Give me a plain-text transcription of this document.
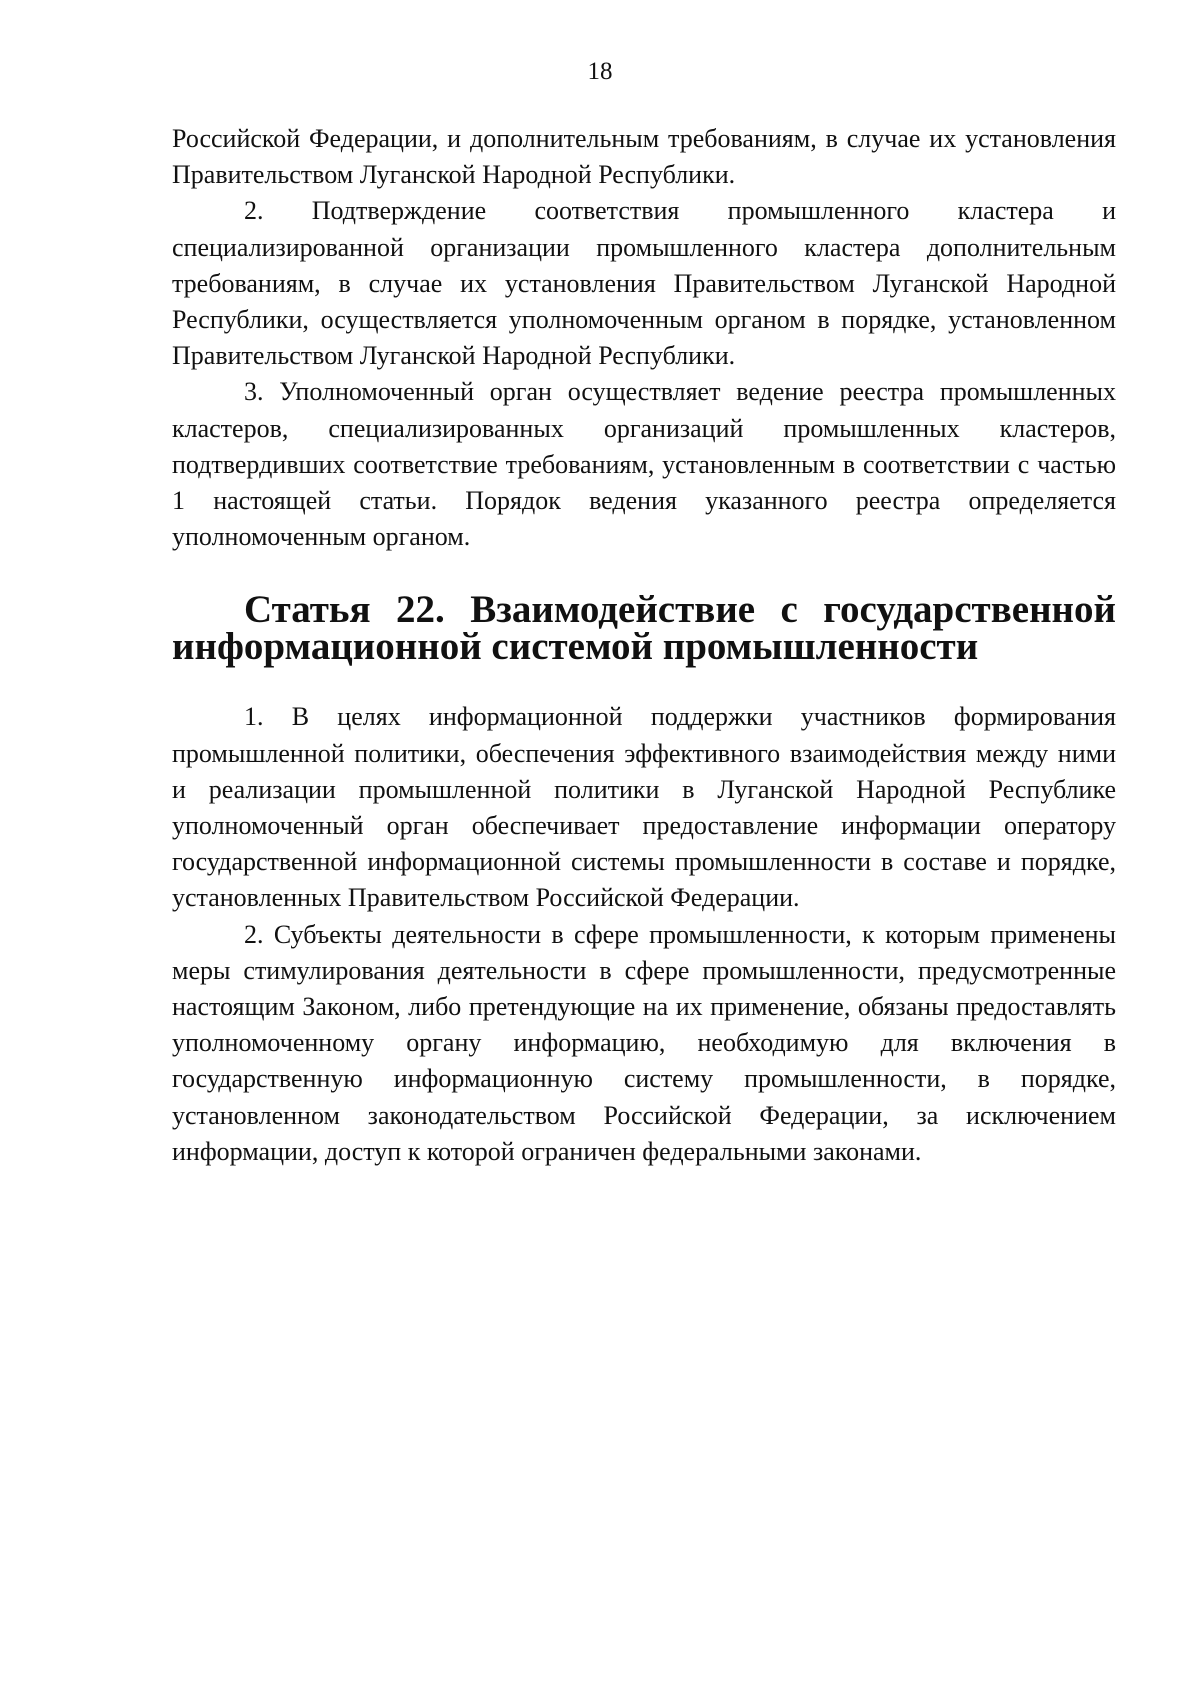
18

Российской Федерации, и дополнительным требованиям, в случае их установления Правительством Луганской Народной Республики.

2. Подтверждение соответствия промышленного кластера и специализированной организации промышленного кластера дополнительным требованиям, в случае их установления Правительством Луганской Народной Республики, осуществляется уполномоченным органом в порядке, установленном Правительством Луганской Народной Республики.

3. Уполномоченный орган осуществляет ведение реестра промышленных кластеров, специализированных организаций промышленных кластеров, подтвердивших соответствие требованиям, установленным в соответствии с частью 1 настоящей статьи. Порядок ведения указанного реестра определяется уполномоченным органом.

Статья 22. Взаимодействие с государственной информационной системой промышленности

1. В целях информационной поддержки участников формирования промышленной политики, обеспечения эффективного взаимодействия между ними и реализации промышленной политики в Луганской Народной Республике уполномоченный орган обеспечивает предоставление информации оператору государственной информационной системы промышленности в составе и порядке, установленных Правительством Российской Федерации.

2. Субъекты деятельности в сфере промышленности, к которым применены меры стимулирования деятельности в сфере промышленности, предусмотренные настоящим Законом, либо претендующие на их применение, обязаны предоставлять уполномоченному органу информацию, необходимую для включения в государственную информационную систему промышленности, в порядке, установленном законодательством Российской Федерации, за исключением информации, доступ к которой ограничен федеральными законами.
